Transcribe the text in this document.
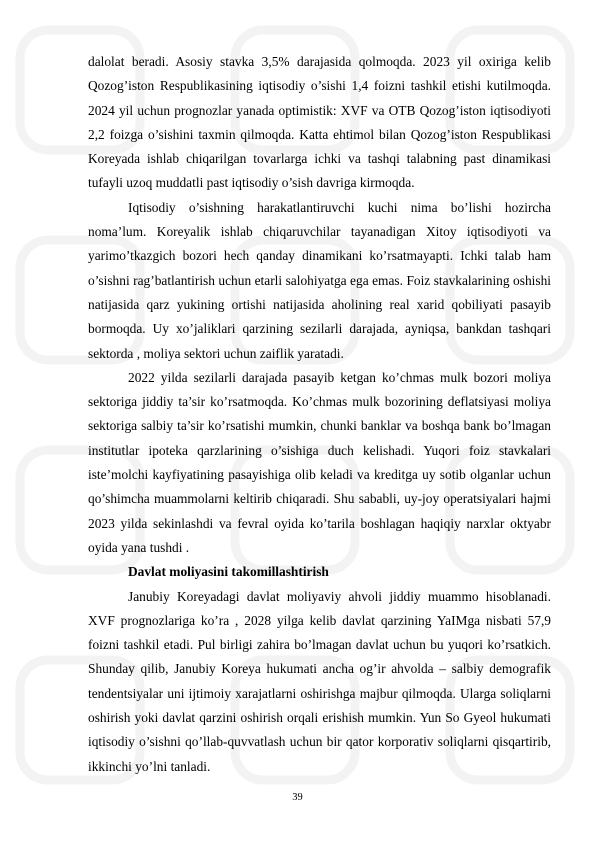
dalolat beradi. Asosiy stavka 3,5% darajasida qolmoqda. 2023 yil oxiriga kelib Qozog’iston Respublikasining iqtisodiy o’sishi 1,4 foizni tashkil etishi kutilmoqda. 2024 yil uchun prognozlar yanada optimistik: XVF va OTB Qozog’iston iqtisodiyoti 2,2 foizga o’sishini taxmin qilmoqda. Katta ehtimol bilan Qozog’iston Respublikasi Koreyada ishlab chiqarilgan tovarlarga ichki va tashqi talabning past dinamikasi tufayli uzoq muddatli past iqtisodiy o’sish davriga kirmoqda.

Iqtisodiy o’sishning harakatlantiruvchi kuchi nima bo’lishi hozircha noma’lum. Koreyalik ishlab chiqaruvchilar tayanadigan Xitoy iqtisodiyoti va yarimo’tkazgich bozori hech qanday dinamikani ko’rsatmayapti. Ichki talab ham o’sishni rag’batlantirish uchun etarli salohiyatga ega emas. Foiz stavkalarining oshishi natijasida qarz yukining ortishi natijasida aholining real xarid qobiliyati pasayib bormoqda. Uy xo’jaliklari qarzining sezilarli darajada, ayniqsa, bankdan tashqari sektorda , moliya sektori uchun zaiflik yaratadi.

2022 yilda sezilarli darajada pasayib ketgan ko’chmas mulk bozori moliya sektoriga jiddiy ta’sir ko’rsatmoqda. Ko’chmas mulk bozorining deflatsiyasi moliya sektoriga salbiy ta’sir ko’rsatishi mumkin, chunki banklar va boshqa bank bo’lmagan institutlar ipoteka qarzlarining o’sishiga duch kelishadi. Yuqori foiz stavkalari iste’molchi kayfiyatining pasayishiga olib keladi va kreditga uy sotib olganlar uchun qo’shimcha muammolarni keltirib chiqaradi. Shu sababli, uy-joy operatsiyalari hajmi 2023 yilda sekinlashdi va fevral oyida ko’tarila boshlagan haqiqiy narxlar oktyabr oyida yana tushdi .

Davlat moliyasini takomillashtirish

Janubiy Koreyadagi davlat moliyaviy ahvoli jiddiy muammo hisoblanadi. XVF prognozlariga ko’ra , 2028 yilga kelib davlat qarzining YaIMga nisbati 57,9 foizni tashkil etadi. Pul birligi zahira bo’lmagan davlat uchun bu yuqori ko’rsatkich. Shunday qilib, Janubiy Koreya hukumati ancha og’ir ahvolda – salbiy demografik tendentsiyalar uni ijtimoiy xarajatlarni oshirishga majbur qilmoqda. Ularga soliqlarni oshirish yoki davlat qarzini oshirish orqali erishish mumkin. Yun So Gyeol hukumati iqtisodiy o’sishni qo’llab-quvvatlash uchun bir qator korporativ soliqlarni qisqartirib, ikkinchi yo’lni tanladi.

39
